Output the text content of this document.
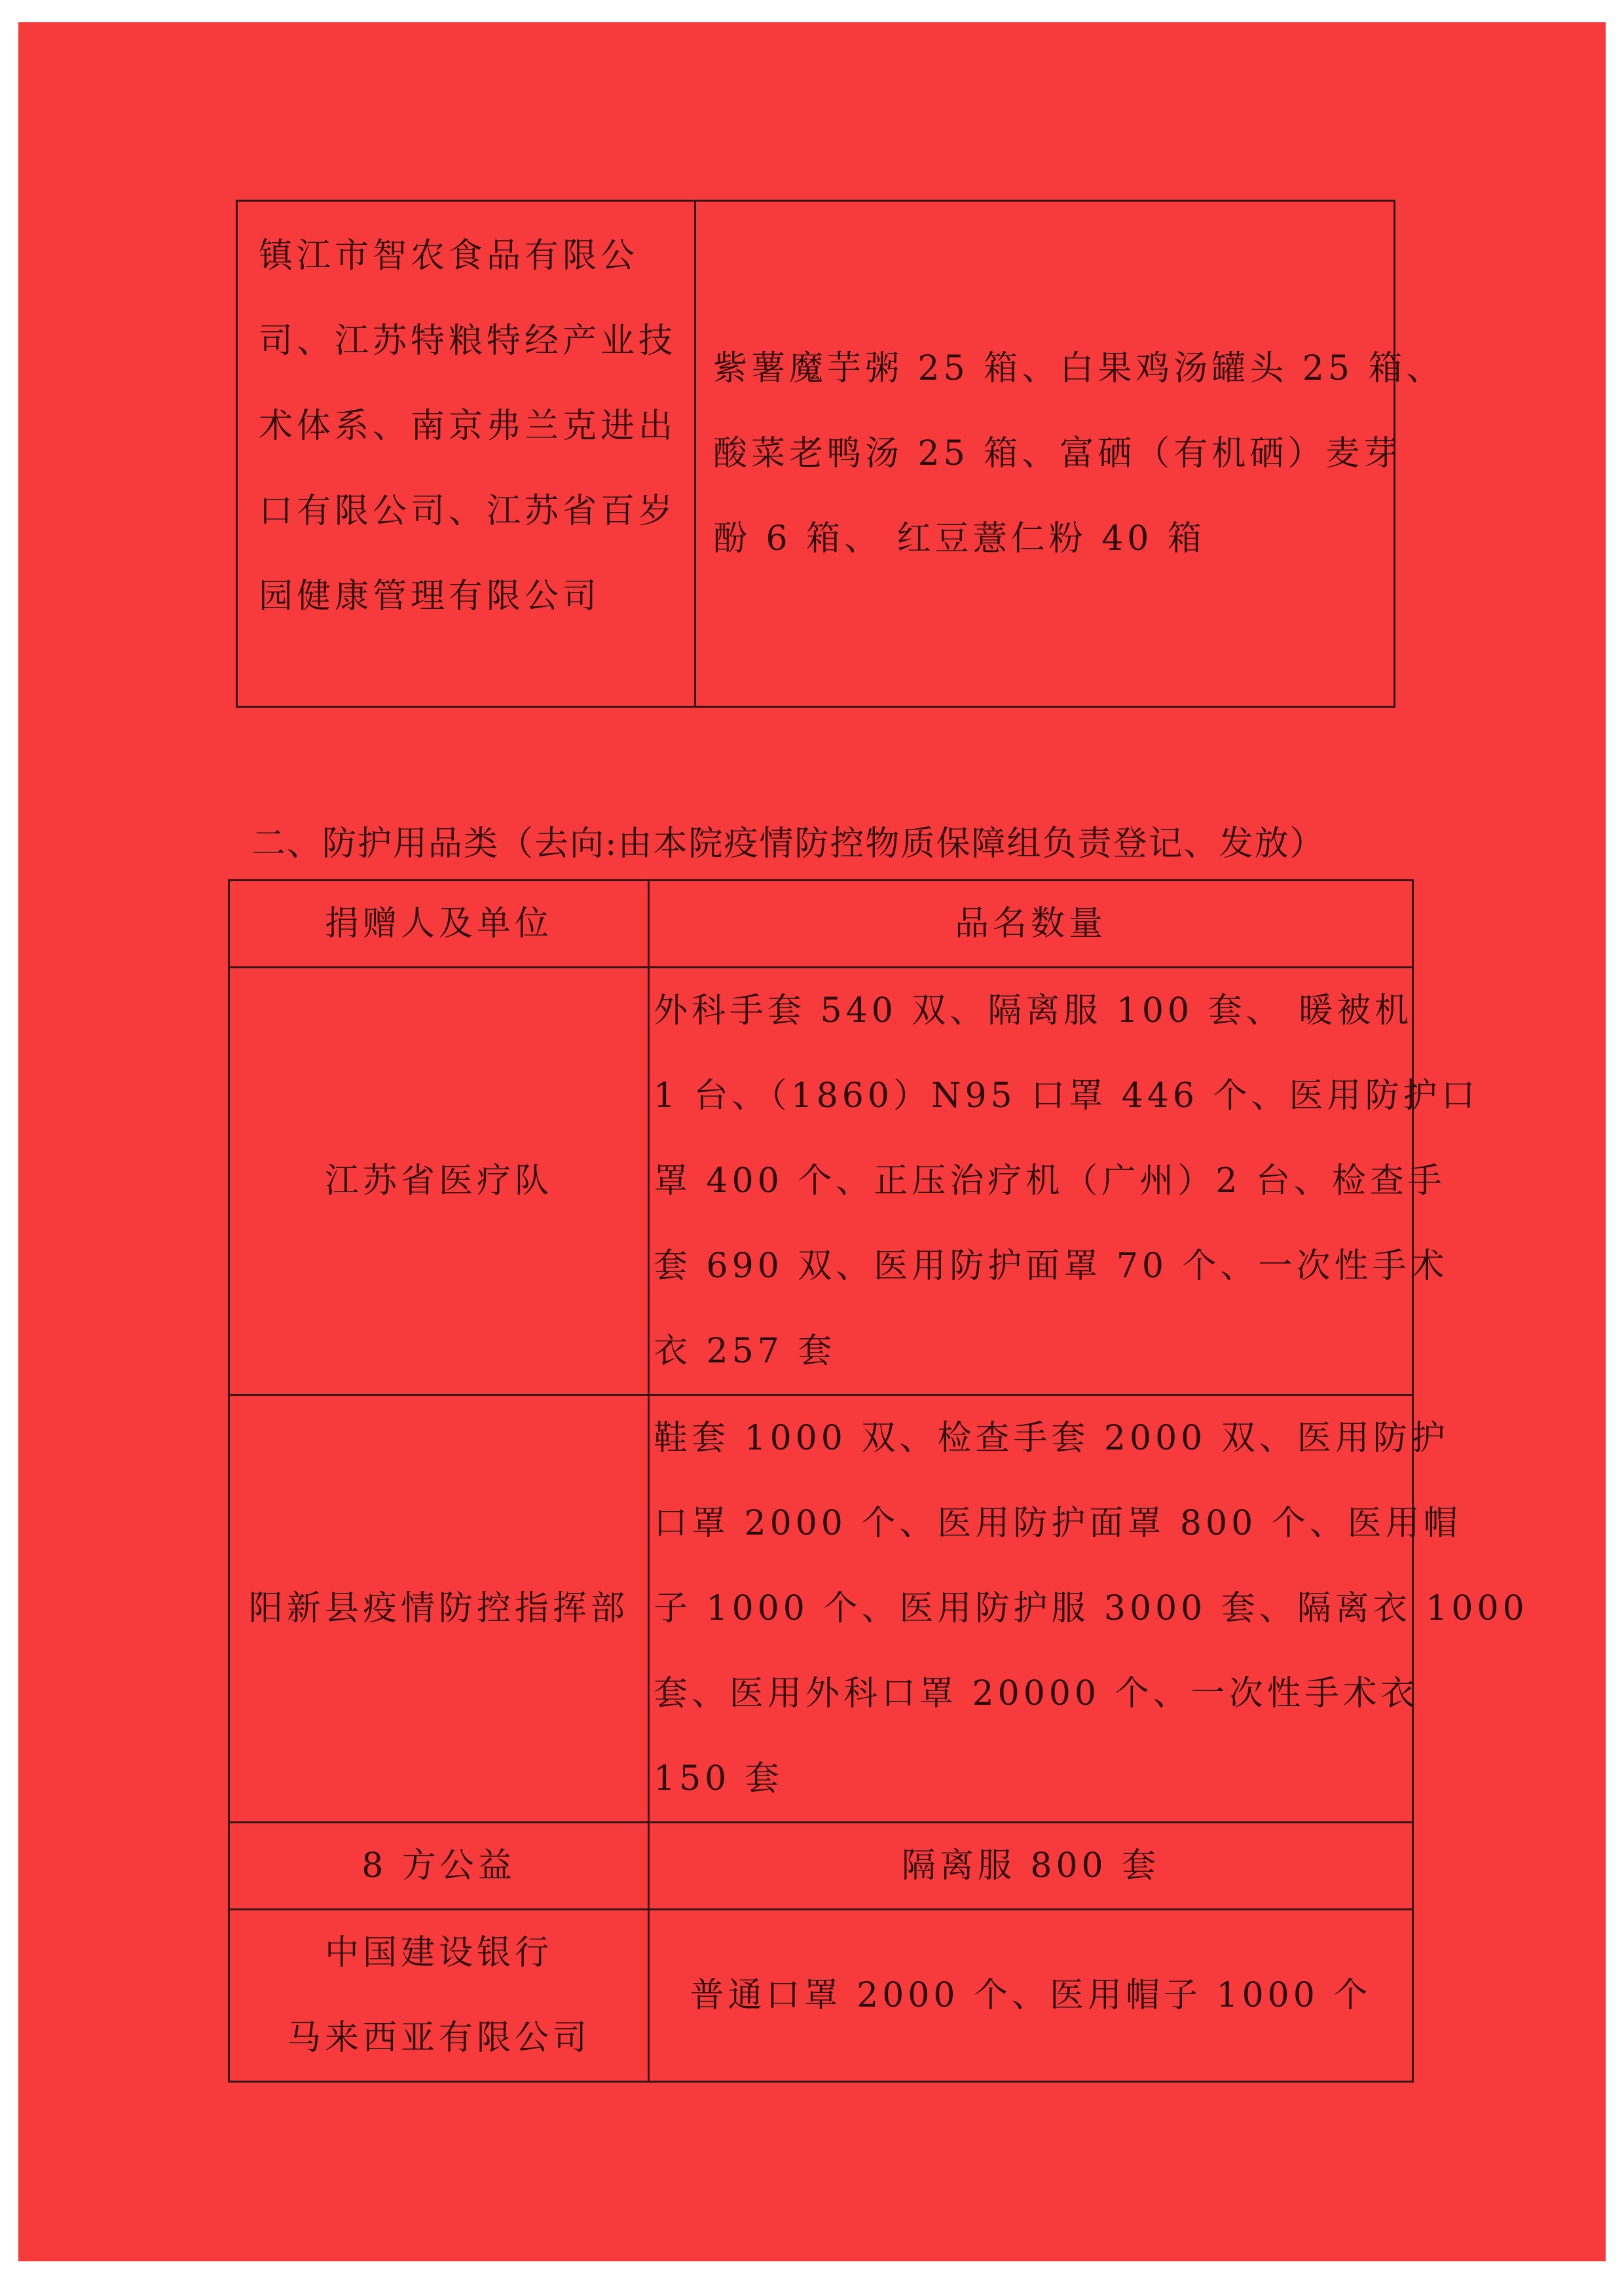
镇江市智农食品有限公
司、江苏特粮特经产业技
术体系、南京弗兰克进出
口有限公司、江苏省百岁
园健康管理有限公司

紫薯魔芋粥 25 箱、白果鸡汤罐头 25 箱、
酸菜老鸭汤 25 箱、富硒（有机硒）麦芽
酚 6 箱、 红豆薏仁粉 40 箱
二、防护用品类（去向:由本院疫情防控物质保障组负责登记、发放）
捐赠人及单位	品名数量

江苏省医疗队	外科手套 540 双、隔离服 100 套、 暖被机
1 台、（1860）N95 口罩 446 个、医用防护口
罩 400 个、正压治疗机（广州）2 台、检查手
套 690 双、医用防护面罩 70 个、一次性手术
衣 257 套

阳新县疫情防控指挥部	鞋套 1000 双、检查手套 2000 双、医用防护
口罩 2000 个、医用防护面罩 800 个、医用帽
子 1000 个、医用防护服 3000 套、隔离衣 1000
套、医用外科口罩 20000 个、一次性手术衣
150 套

8 方公益	隔离服 800 套

中国建设银行
马来西亚有限公司	普通口罩 2000 个、医用帽子 1000 个
